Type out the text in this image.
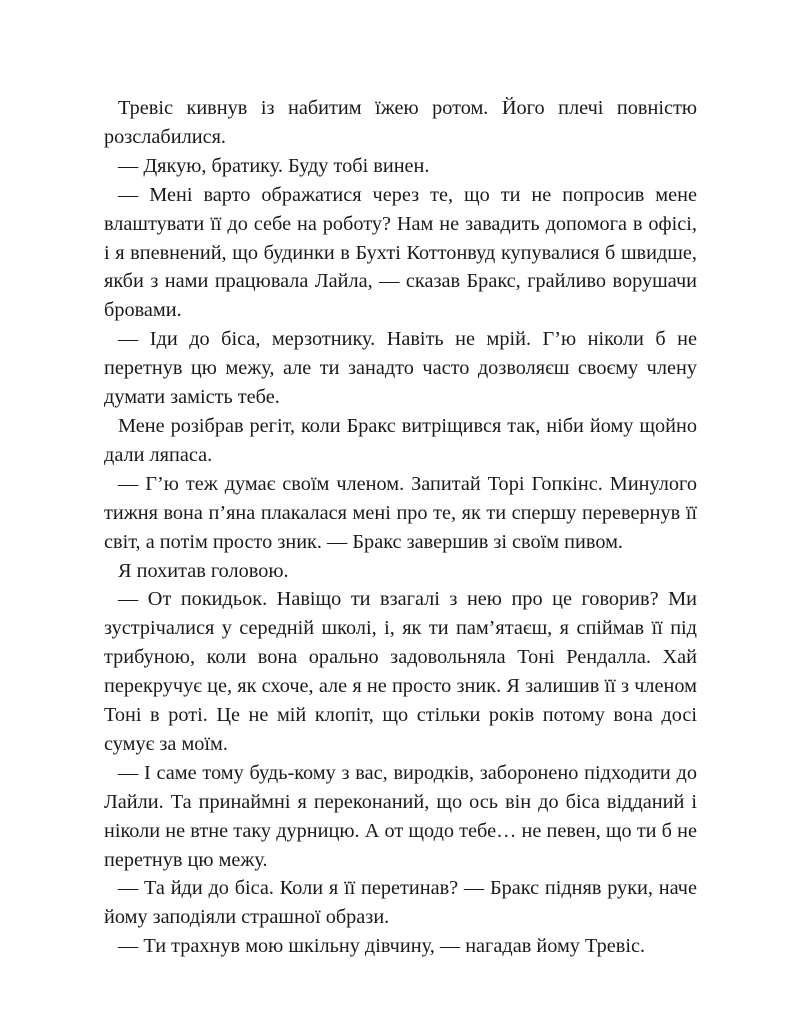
Тревіс кивнув із набитим їжею ротом. Його плечі повністю розслабилися.

— Дякую, братику. Буду тобі винен.

— Мені варто ображатися через те, що ти не попросив мене влаштувати її до себе на роботу? Нам не завадить допомога в офісі, і я впевнений, що будинки в Бухті Коттонвуд купувалися б швидше, якби з нами працювала Лайла, — сказав Бракс, грайливо ворушачи бровами.

— Іди до біса, мерзотнику. Навіть не мрій. Г’ю ніколи б не перетнув цю межу, але ти занадто часто дозволяєш своєму члену думати замість тебе.

Мене розібрав регіт, коли Бракс витріщився так, ніби йому щойно дали ляпаса.

— Г’ю теж думає своїм членом. Запитай Торі Гопкінс. Минулого тижня вона п’яна плакалася мені про те, як ти спершу перевернув її світ, а потім просто зник. — Бракс завершив зі своїм пивом.

Я похитав головою.

— От покидьок. Навіщо ти взагалі з нею про це говорив? Ми зустрічалися у середній школі, і, як ти пам’ятаєш, я спіймав її під трибуною, коли вона орально задовольняла Тоні Рендалла. Хай перекручує це, як схоче, але я не просто зник. Я залишив її з членом Тоні в роті. Це не мій клопіт, що стільки років потому вона досі сумує за моїм.

— І саме тому будь-кому з вас, виродків, заборонено підходити до Лайли. Та принаймні я переконаний, що ось він до біса відданий і ніколи не втне таку дурницю. А от щодо тебе… не певен, що ти б не перетнув цю межу.

— Та йди до біса. Коли я її перетинав? — Бракс підняв руки, наче йому заподіяли страшної образи.

— Ти трахнув мою шкільну дівчину, — нагадав йому Тревіс.
